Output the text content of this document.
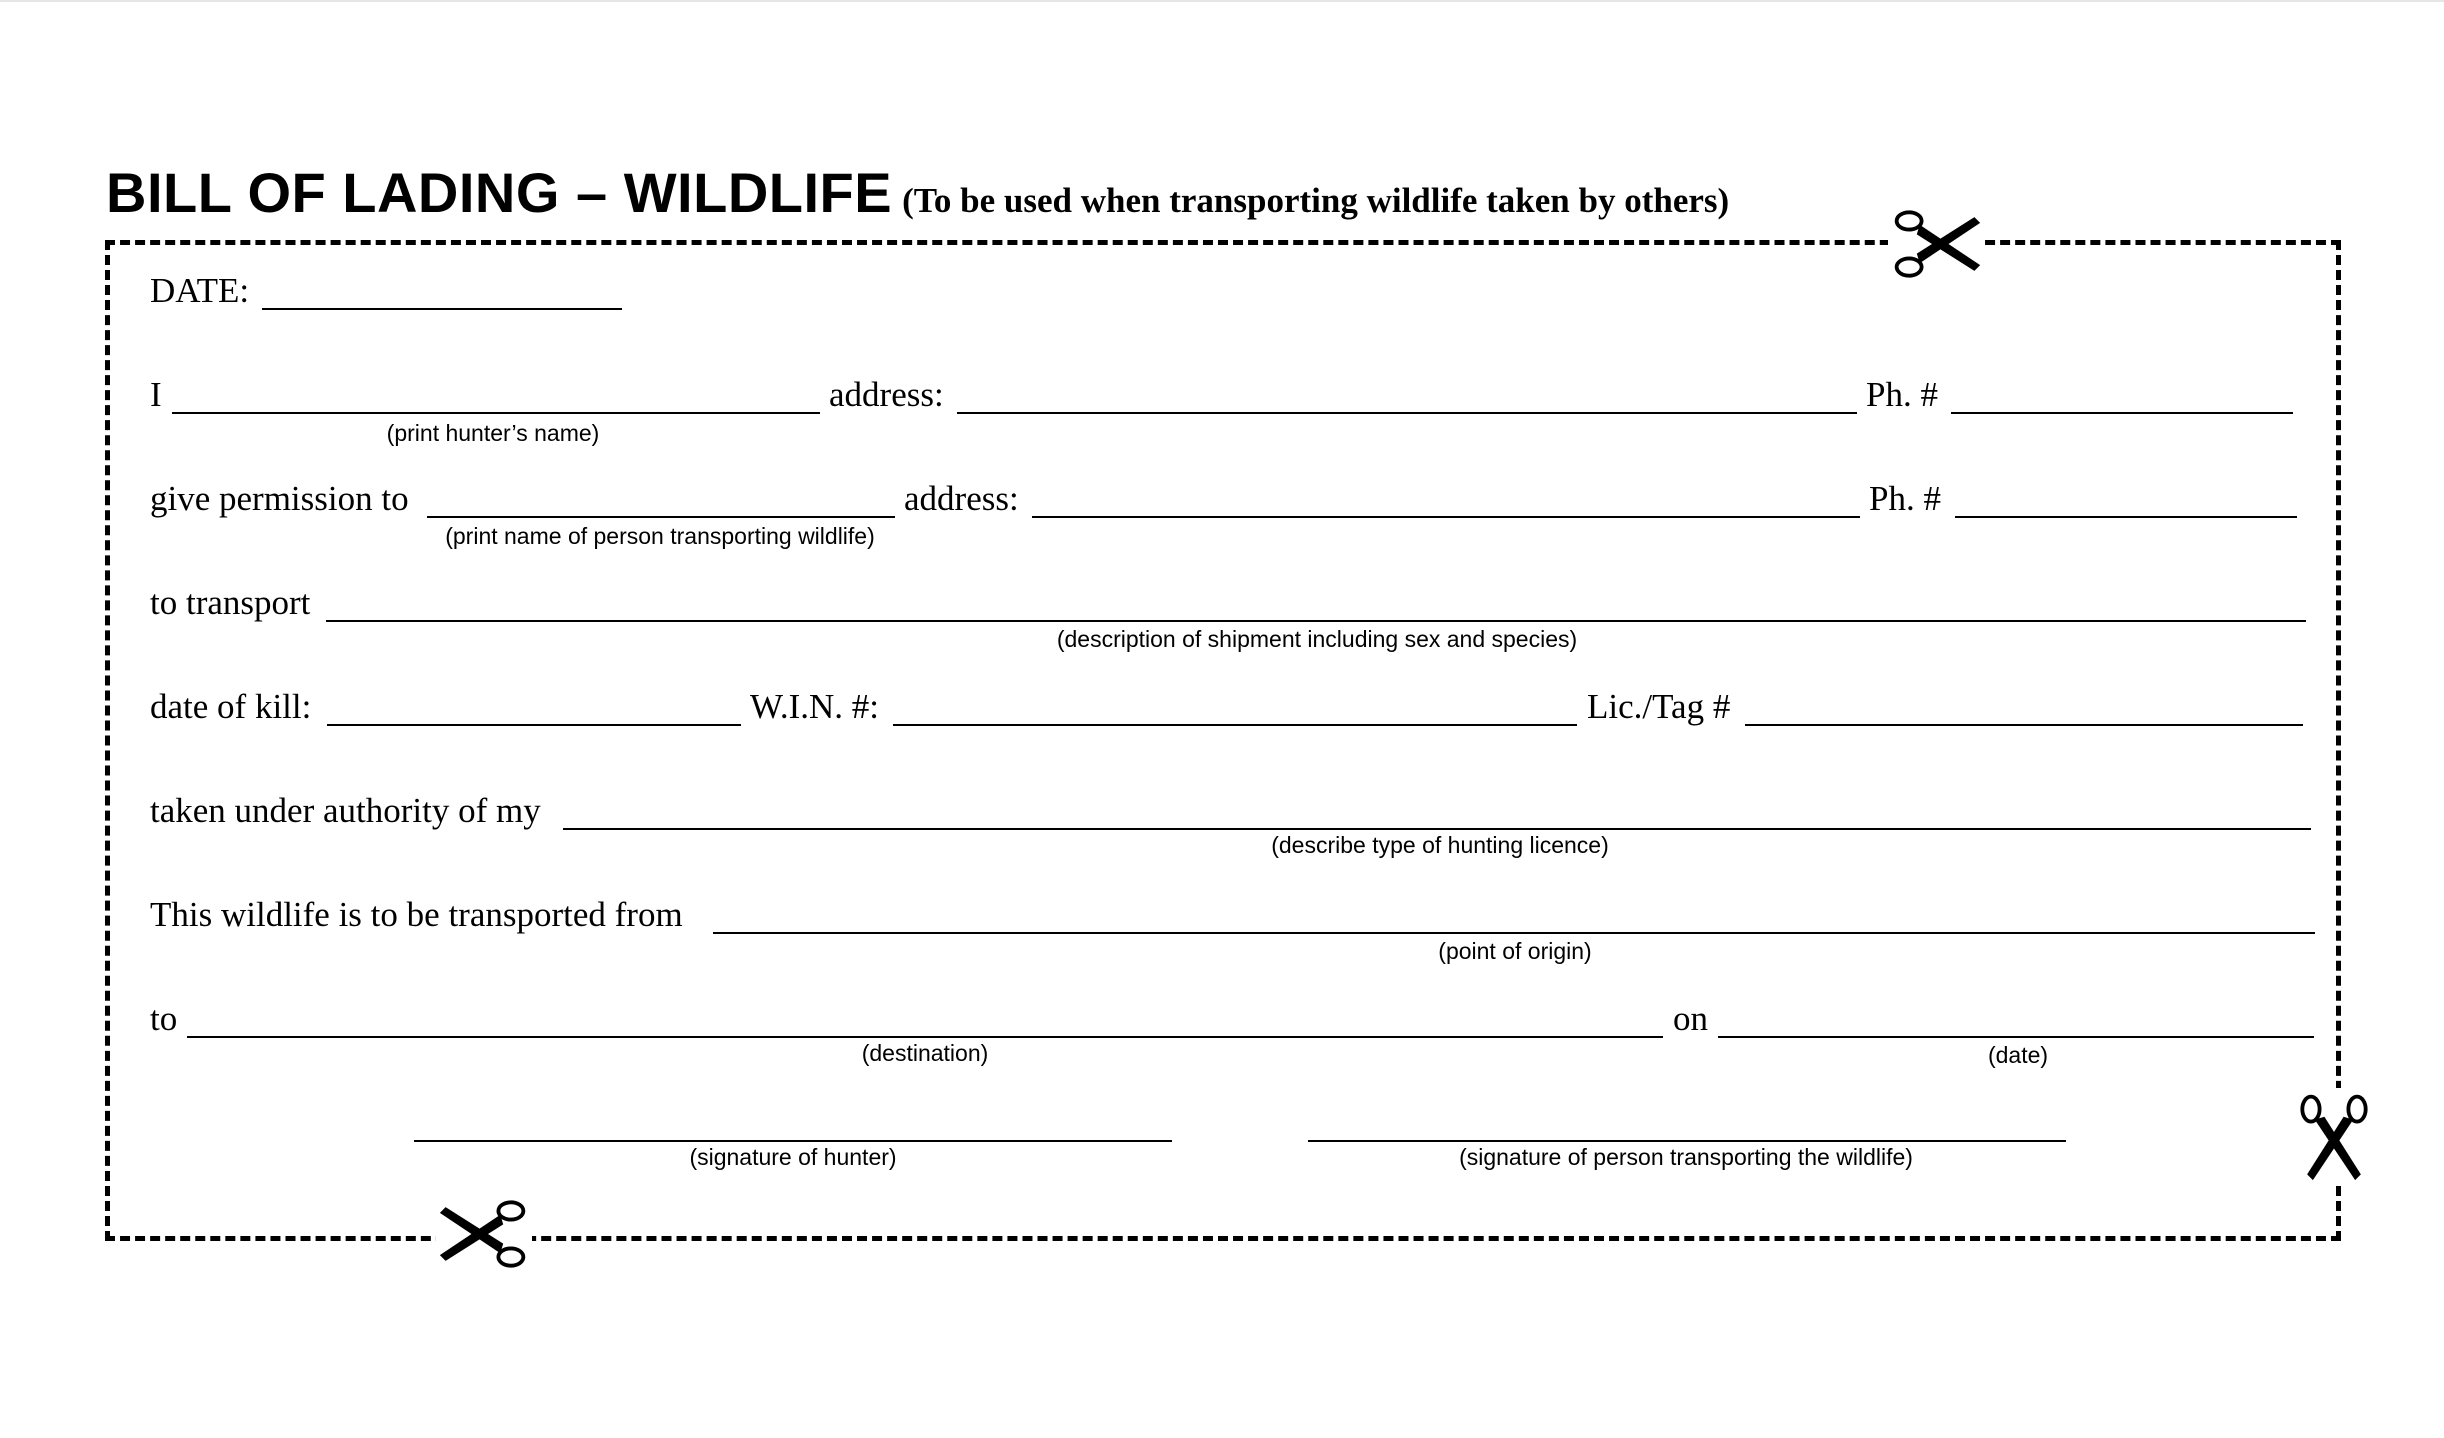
BILL OF LADING – WILDLIFE (To be used when transporting wildlife taken by others)
DATE:
I	address:	Ph. #
(print hunter’s name)
give permission to	address:	Ph. #
(print name of person transporting wildlife)
to transport
(description of shipment including sex and species)
date of kill:	W.I.N. #:	Lic./Tag #
taken under authority of my
(describe type of hunting licence)
This wildlife is to be transported from
(point of origin)
to	on
(destination)	(date)
(signature of hunter)	(signature of person transporting the wildlife)
